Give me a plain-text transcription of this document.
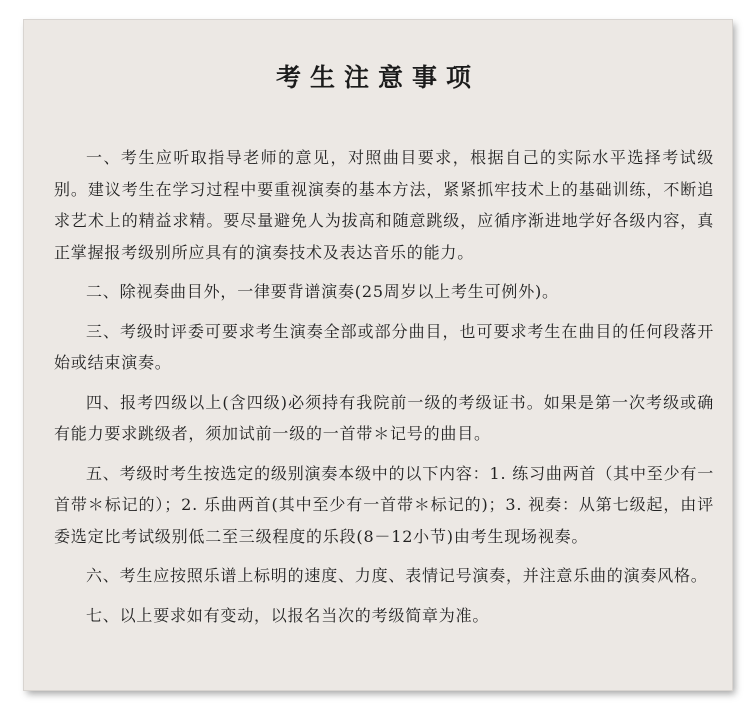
考生注意事项

一、考生应听取指导老师的意见，对照曲目要求，根据自己的实际水平选择考试级别。建议考生在学习过程中要重视演奏的基本方法，紧紧抓牢技术上的基础训练，不断追求艺术上的精益求精。要尽量避免人为拔高和随意跳级，应循序渐进地学好各级内容，真正掌握报考级别所应具有的演奏技术及表达音乐的能力。

二、除视奏曲目外，一律要背谱演奏(25周岁以上考生可例外)。

三、考级时评委可要求考生演奏全部或部分曲目，也可要求考生在曲目的任何段落开始或结束演奏。

四、报考四级以上(含四级)必须持有我院前一级的考级证书。如果是第一次考级或确有能力要求跳级者，须加试前一级的一首带＊记号的曲目。

五、考级时考生按选定的级别演奏本级中的以下内容：1. 练习曲两首（其中至少有一首带＊标记的）；2. 乐曲两首(其中至少有一首带＊标记的)；3. 视奏：从第七级起，由评委选定比考试级别低二至三级程度的乐段(8－12小节)由考生现场视奏。

六、考生应按照乐谱上标明的速度、力度、表情记号演奏，并注意乐曲的演奏风格。

七、以上要求如有变动，以报名当次的考级简章为准。
